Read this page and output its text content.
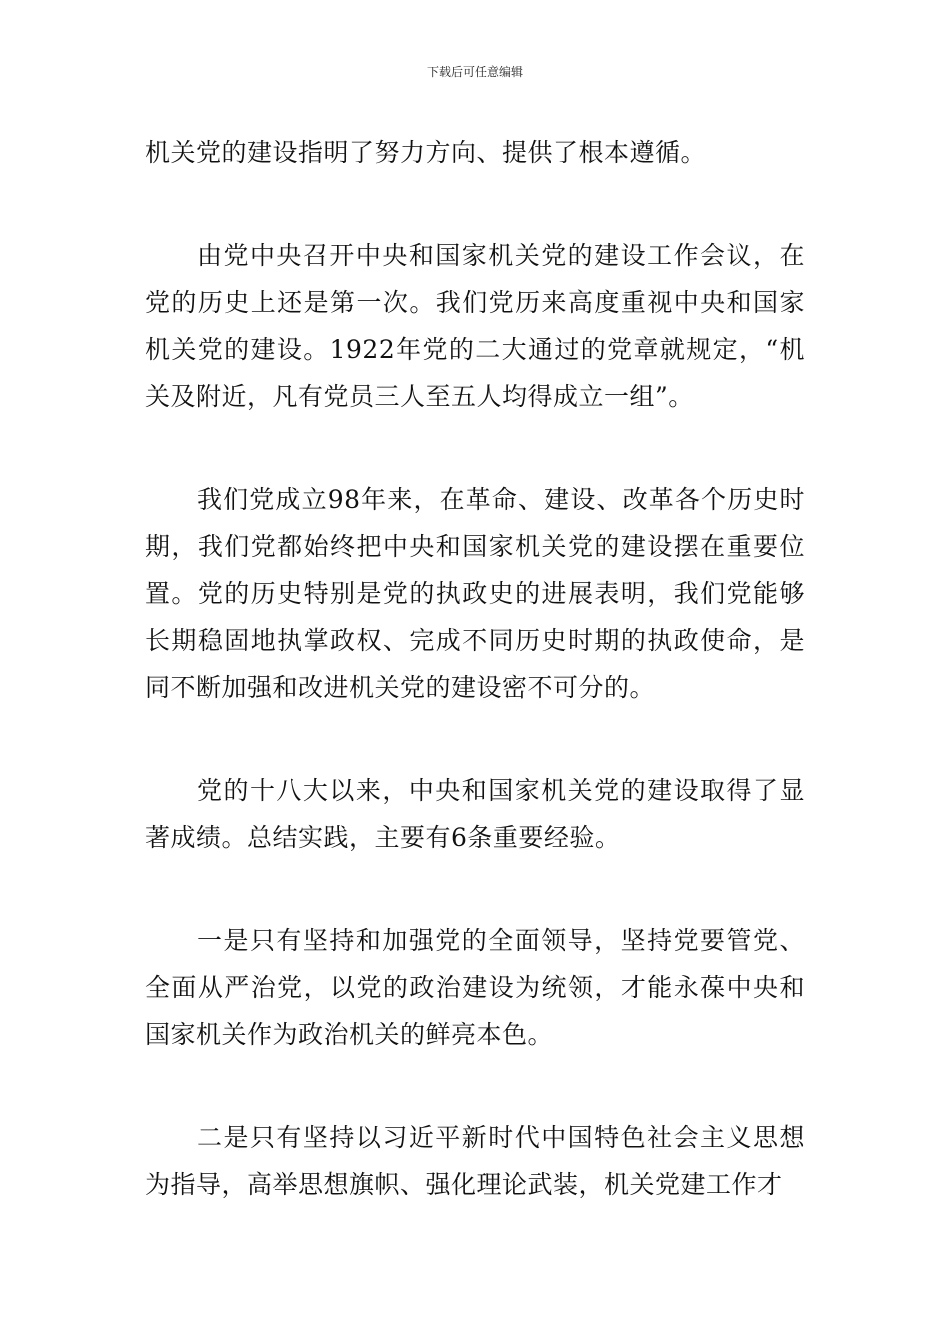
下载后可任意编辑

机关党的建设指明了努力方向、提供了根本遵循。

由党中央召开中央和国家机关党的建设工作会议，在党的历史上还是第一次。我们党历来高度重视中央和国家机关党的建设。1922年党的二大通过的党章就规定，“机关及附近，凡有党员三人至五人均得成立一组”。

我们党成立98年来，在革命、建设、改革各个历史时期，我们党都始终把中央和国家机关党的建设摆在重要位置。党的历史特别是党的执政史的进展表明，我们党能够长期稳固地执掌政权、完成不同历史时期的执政使命，是同不断加强和改进机关党的建设密不可分的。

党的十八大以来，中央和国家机关党的建设取得了显著成绩。总结实践，主要有6条重要经验。

一是只有坚持和加强党的全面领导，坚持党要管党、全面从严治党，以党的政治建设为统领，才能永葆中央和国家机关作为政治机关的鲜亮本色。

二是只有坚持以习近平新时代中国特色社会主义思想为指导，高举思想旗帜、强化理论武装，机关党建工作才
